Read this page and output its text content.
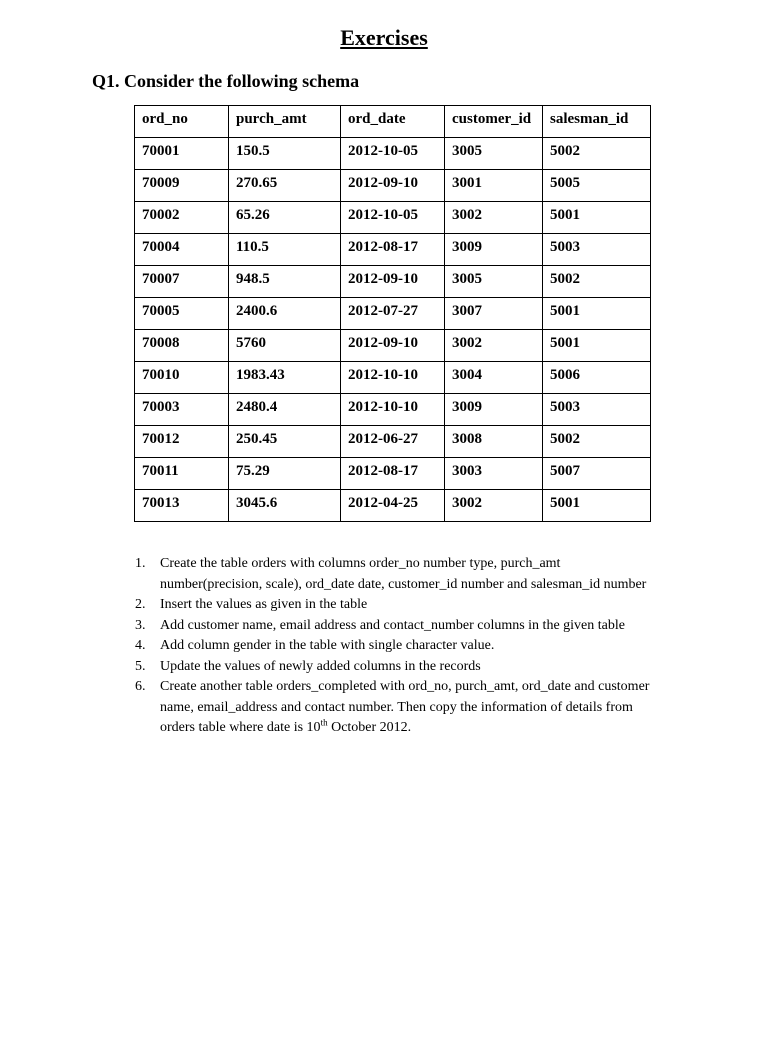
Exercises
Q1. Consider the following schema
ord_no	purch_amt	ord_date	customer_id	salesman_id
70001	150.5	2012-10-05	3005	5002
70009	270.65	2012-09-10	3001	5005
70002	65.26	2012-10-05	3002	5001
70004	110.5	2012-08-17	3009	5003
70007	948.5	2012-09-10	3005	5002
70005	2400.6	2012-07-27	3007	5001
70008	5760	2012-09-10	3002	5001
70010	1983.43	2012-10-10	3004	5006
70003	2480.4	2012-10-10	3009	5003
70012	250.45	2012-06-27	3008	5002
70011	75.29	2012-08-17	3003	5007
70013	3045.6	2012-04-25	3002	5001
1.	Create the table orders with columns order_no number type, purch_amt number(precision, scale), ord_date date, customer_id number and salesman_id number
2.	Insert the values as given in the table
3.	Add customer name, email address and contact_number columns in the given table
4.	Add column gender in the table with single character value.
5.	Update the values of newly added columns in the records
6.	Create another table orders_completed with ord_no, purch_amt, ord_date and customer name, email_address and contact number. Then copy the information of details from orders table where date is 10th October 2012.
